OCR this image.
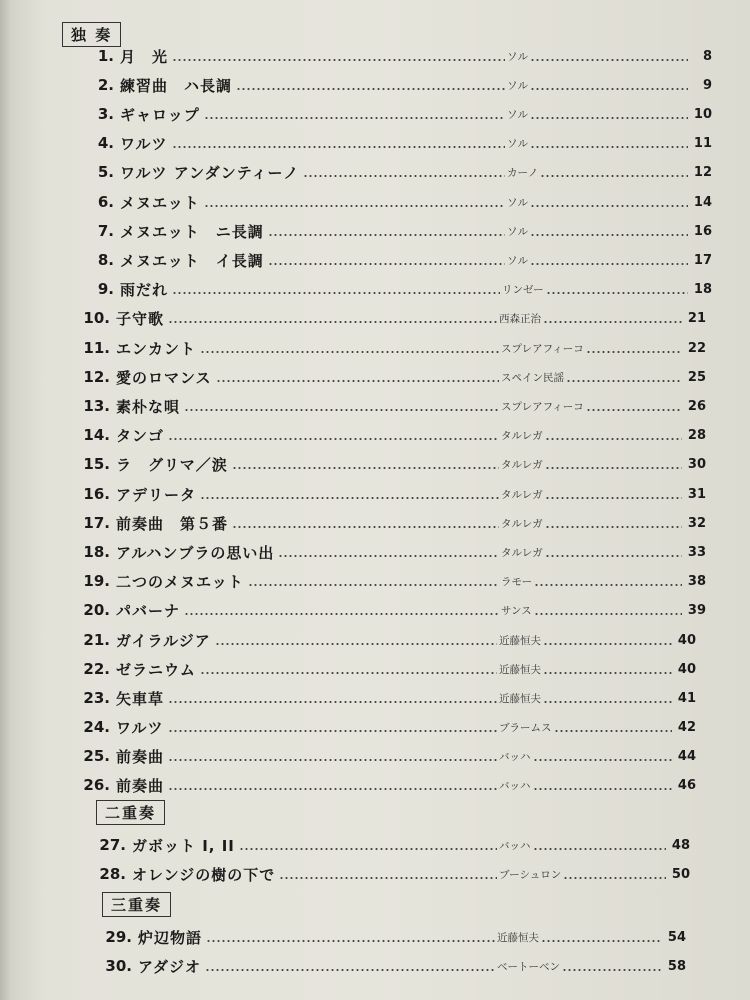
独 奏
二重奏
三重奏
1. 月　光	ソル	8
2. 練習曲　ハ長調	ソル	9
3. ギャロップ	ソル	10
4. ワルツ	ソル	11
5. ワルツ アンダンティーノ	カーノ	12
6. メヌエット	ソル	14
7. メヌエット　ニ長調	ソル	16
8. メヌエット　イ長調	ソル	17
9. 雨だれ	リンゼー	18
10. 子守歌	西森正治	21
11. エンカント	スプレアフィーコ	22
12. 愛のロマンス	スペイン民謡	25
13. 素朴な唄	スプレアフィーコ	26
14. タンゴ	タルレガ	28
15. ラ　グリマ／涙	タルレガ	30
16. アデリータ	タルレガ	31
17. 前奏曲　第５番	タルレガ	32
18. アルハンブラの思い出	タルレガ	33
19. 二つのメヌエット	ラモー	38
20. パバーナ	サンス	39
21. ガイラルジア	近藤恒夫	40
22. ゼラニウム	近藤恒夫	40
23. 矢車草	近藤恒夫	41
24. ワルツ	ブラームス	42
25. 前奏曲	バッハ	44
26. 前奏曲	バッハ	46
27. ガボット I, II	バッハ	48
28. オレンジの樹の下で	ブーシュロン	50
29. 炉辺物語	近藤恒夫	54
30. アダジオ	ベートーベン	58
